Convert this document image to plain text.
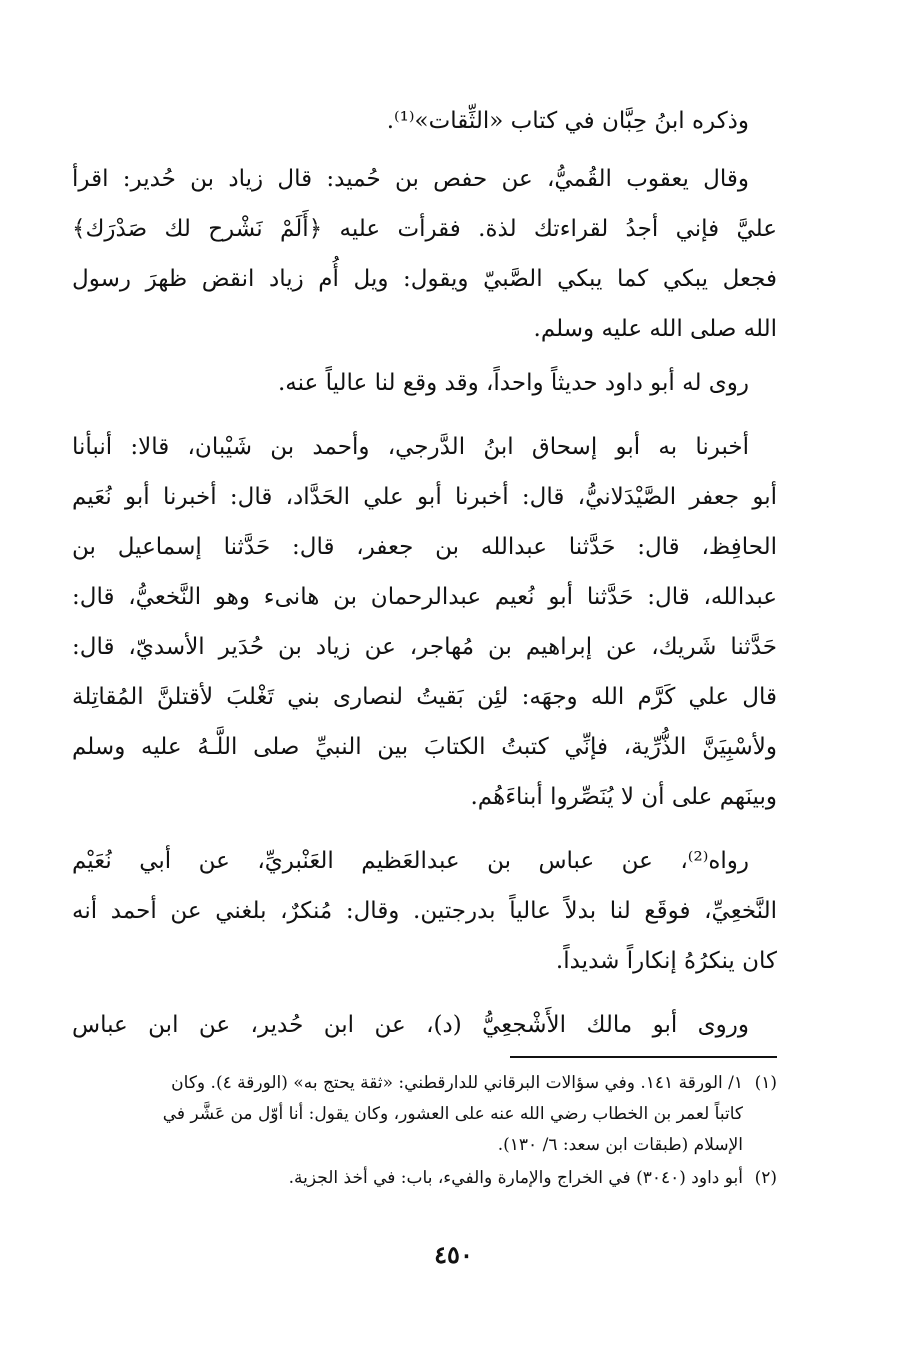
وذكره ابنُ حِبَّان في كتاب «الثِّقات»⁽¹⁾.
وقال يعقوب القُميُّ، عن حفص بن حُميد: قال زياد بن حُدير: اقرأ
عليَّ فإني أجدُ لقراءتك لذة. فقرأت عليه ﴿أَلَمْ نَشْرح لك صَدْرَك﴾
فجعل يبكي كما يبكي الصَّبيّ ويقول: ويل أُم زياد انقض ظهرَ رسول
الله صلى الله عليه وسلم.
روى له أبو داود حديثاً واحداً، وقد وقع لنا عالياً عنه.
أخبرنا به أبو إسحاق ابنُ الدَّرجي، وأحمد بن شَيْبان، قالا: أنبأنا
أبو جعفر الصَّيْدَلانيُّ، قال: أخبرنا أبو علي الحَدَّاد، قال: أخبرنا أبو نُعَيم
الحافِظ، قال: حَدَّثنا عبدالله بن جعفر، قال: حَدَّثنا إسماعيل بن
عبدالله، قال: حَدَّثنا أبو نُعيم عبدالرحمان بن هانىء وهو النَّخعيُّ، قال:
حَدَّثنا شَريك، عن إبراهيم بن مُهاجر، عن زياد بن حُدَير الأسديّ، قال:
قال علي كَرَّم الله وجهَه: لئِن بَقيتُ لنصارى بني تَغْلبَ لأقتلنَّ المُقاتِلة
ولأسْبِيَنَّ الذُّرِّية، فإنِّي كتبتُ الكتابَ بين النبيِّ صلى اللَّـهُ عليه وسلم
وبينَهم على أن لا يُنَصِّروا أبناءَهُم.
رواه⁽²⁾، عن عباس بن عبدالعَظيم العَنْبريِّ، عن أبي نُعَيْم
النَّخعِيِّ، فوقَع لنا بدلاً عالياً بدرجتين. وقال: مُنكرٌ، بلغني عن أحمد أنه
كان ينكرُهُ إنكاراً شديداً.
وروى أبو مالك الأَشْجعِيُّ (د)، عن ابن حُدير، عن ابن عباس
(١)١/ الورقة ١٤١. وفي سؤالات البرقاني للدارقطني: «ثقة يحتج به» (الورقة ٤). وكان
كاتباً لعمر بن الخطاب رضي الله عنه على العشور، وكان يقول: أنا أوّل من عَشَّر في
الإسلام (طبقات ابن سعد: ٦/ ١٣٠).
(٢)أبو داود (٣٠٤٠) في الخراج والإمارة والفيء، باب: في أخذ الجزية.
٤٥٠
